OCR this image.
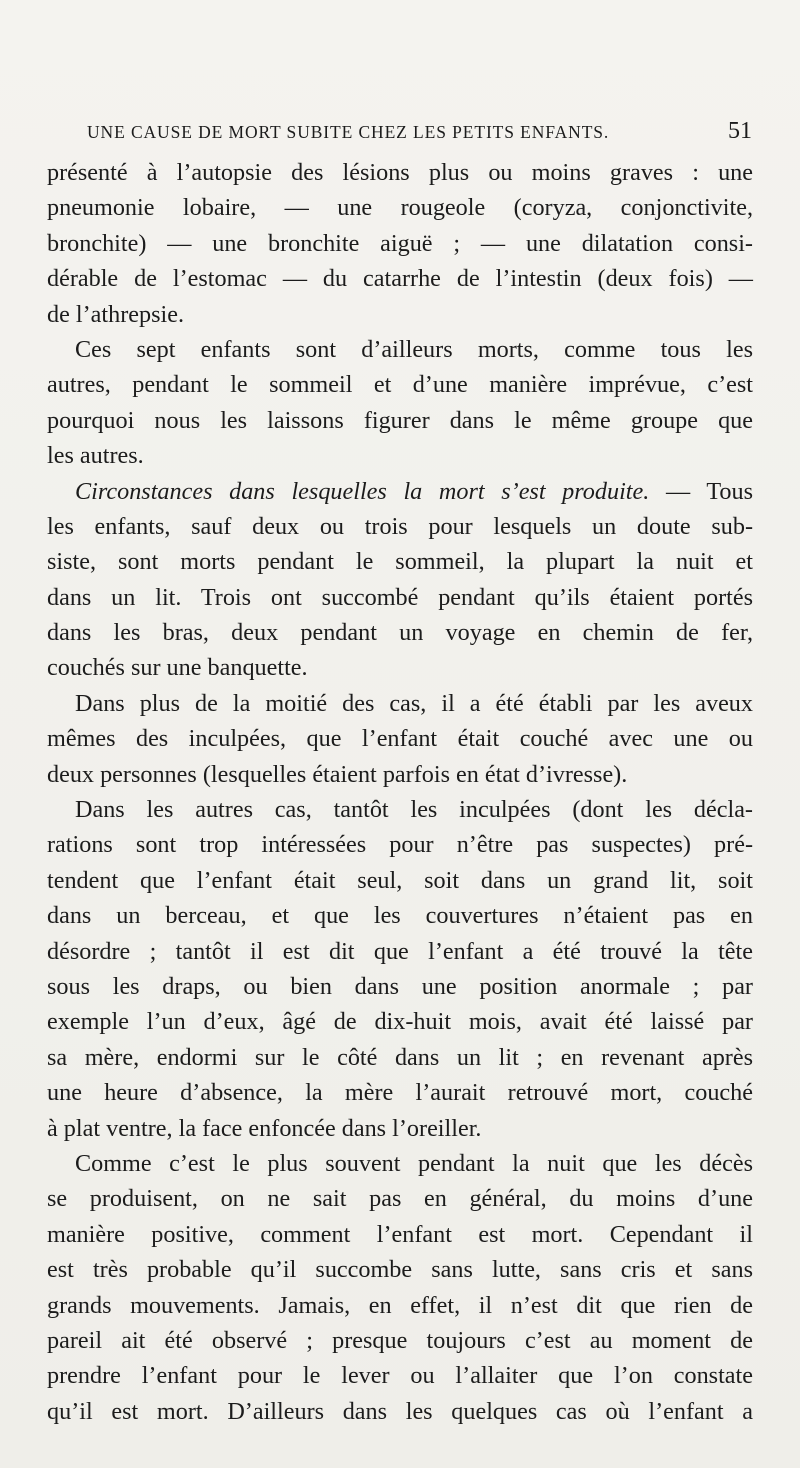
UNE CAUSE DE MORT SUBITE CHEZ LES PETITS ENFANTS.	51
présenté à l’autopsie des lésions plus ou moins graves : une
pneumonie lobaire, — une rougeole (coryza, conjonctivite,
bronchite) — une bronchite aiguë ; — une dilatation consi-
dérable de l’estomac — du catarrhe de l’intestin (deux fois) —
de l’athrepsie.
Ces sept enfants sont d’ailleurs morts, comme tous les
autres, pendant le sommeil et d’une manière imprévue, c’est
pourquoi nous les laissons figurer dans le même groupe que
les autres.
Circonstances dans lesquelles la mort s’est produite. — Tous
les enfants, sauf deux ou trois pour lesquels un doute sub-
siste, sont morts pendant le sommeil, la plupart la nuit et
dans un lit. Trois ont succombé pendant qu’ils étaient portés
dans les bras, deux pendant un voyage en chemin de fer,
couchés sur une banquette.
Dans plus de la moitié des cas, il a été établi par les aveux
mêmes des inculpées, que l’enfant était couché avec une ou
deux personnes (lesquelles étaient parfois en état d’ivresse).
Dans les autres cas, tantôt les inculpées (dont les décla-
rations sont trop intéressées pour n’être pas suspectes) pré-
tendent que l’enfant était seul, soit dans un grand lit, soit
dans un berceau, et que les couvertures n’étaient pas en
désordre ; tantôt il est dit que l’enfant a été trouvé la tête
sous les draps, ou bien dans une position anormale ; par
exemple l’un d’eux, âgé de dix-huit mois, avait été laissé par
sa mère, endormi sur le côté dans un lit ; en revenant après
une heure d’absence, la mère l’aurait retrouvé mort, couché
à plat ventre, la face enfoncée dans l’oreiller.
Comme c’est le plus souvent pendant la nuit que les décès
se produisent, on ne sait pas en général, du moins d’une
manière positive, comment l’enfant est mort. Cependant il
est très probable qu’il succombe sans lutte, sans cris et sans
grands mouvements. Jamais, en effet, il n’est dit que rien de
pareil ait été observé ; presque toujours c’est au moment de
prendre l’enfant pour le lever ou l’allaiter que l’on constate
qu’il est mort. D’ailleurs dans les quelques cas où l’enfant a
